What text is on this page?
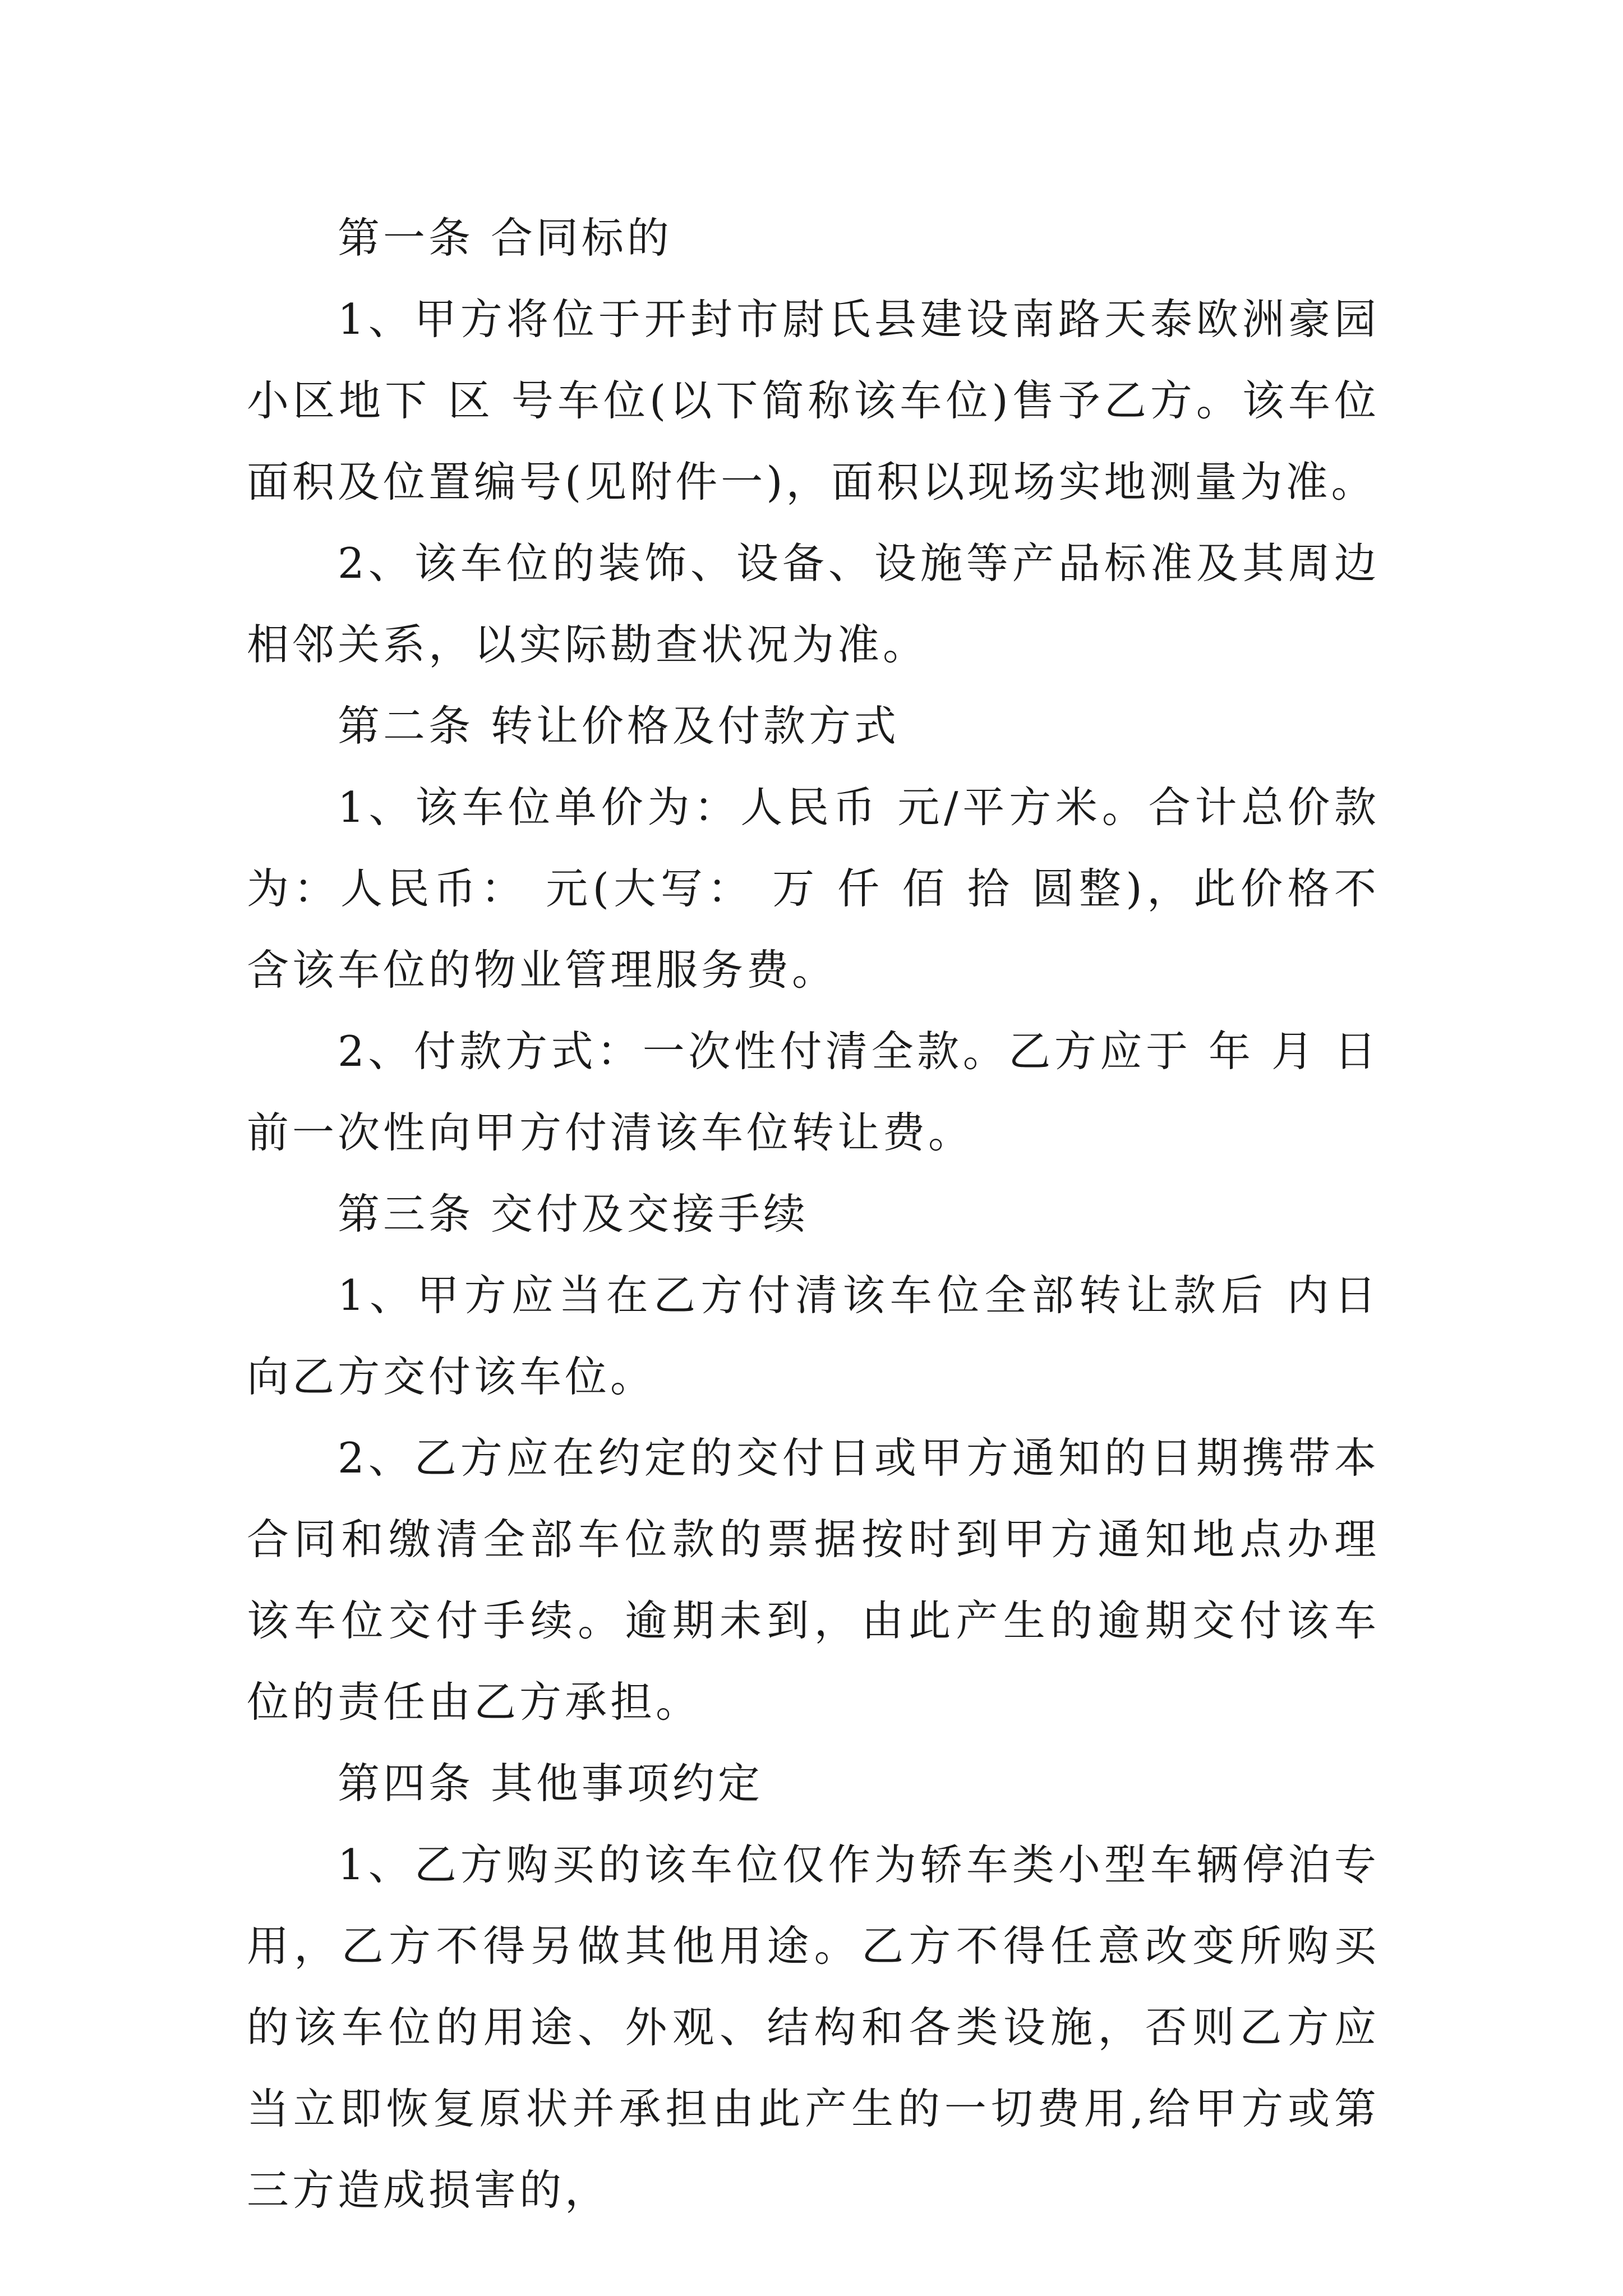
第一条 合同标的

1、甲方将位于开封市尉氏县建设南路天泰欧洲豪园小区地下 区 号车位(以下简称该车位)售予乙方。该车位面积及位置编号(见附件一)，面积以现场实地测量为准。

2、该车位的装饰、设备、设施等产品标准及其周边相邻关系，以实际勘查状况为准。

第二条 转让价格及付款方式

1、该车位单价为：人民币 元/平方米。合计总价款为：人民币： 元(大写： 万 仟 佰 拾 圆整)，此价格不含该车位的物业管理服务费。

2、付款方式：一次性付清全款。乙方应于 年 月 日前一次性向甲方付清该车位转让费。

第三条 交付及交接手续

1、甲方应当在乙方付清该车位全部转让款后 内日向乙方交付该车位。

2、乙方应在约定的交付日或甲方通知的日期携带本合同和缴清全部车位款的票据按时到甲方通知地点办理该车位交付手续。逾期未到，由此产生的逾期交付该车位的责任由乙方承担。

第四条 其他事项约定

1、乙方购买的该车位仅作为轿车类小型车辆停泊专用，乙方不得另做其他用途。乙方不得任意改变所购买的该车位的用途、外观、结构和各类设施，否则乙方应当立即恢复原状并承担由此产生的一切费用,给甲方或第三方造成损害的，
